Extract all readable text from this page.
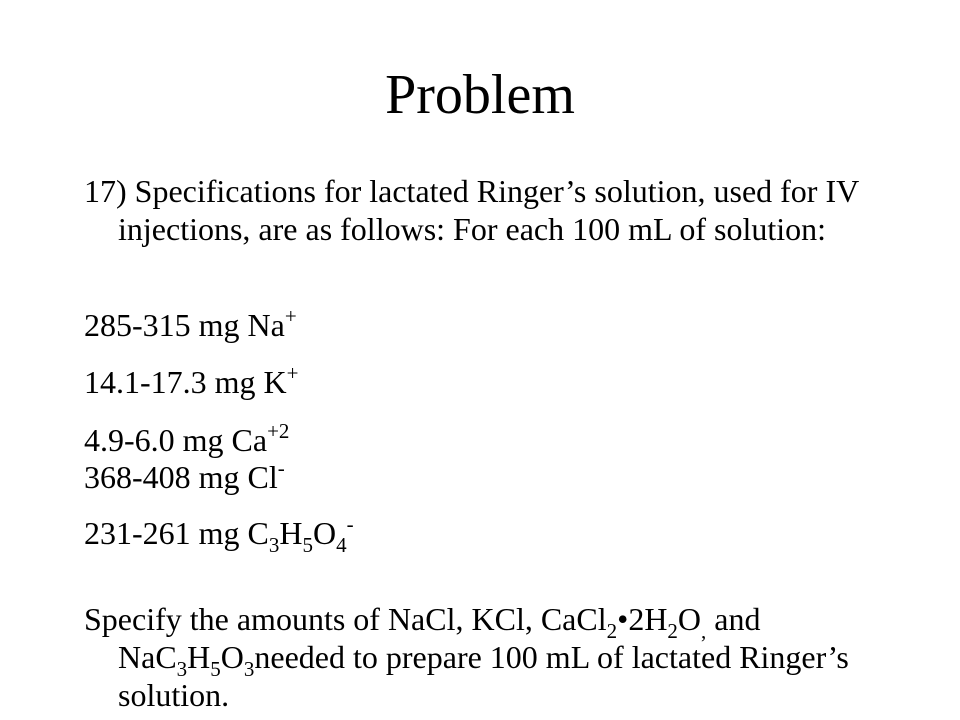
Problem

17) Specifications for lactated Ringer’s solution, used for IV injections, are as follows: For each 100 mL of solution:

285-315 mg Na+
14.1-17.3 mg K+
4.9-6.0 mg $Ca^{+2}$
368-408 mg Cl-
231-261 mg $C_3H_5O_4^-$

Specify the amounts of NaCl, KCl, $CaCl_2•2H_2O_,$ and $NaC_3H_5O_3needed$ to prepare 100 mL of lactated Ringer’s solution.
